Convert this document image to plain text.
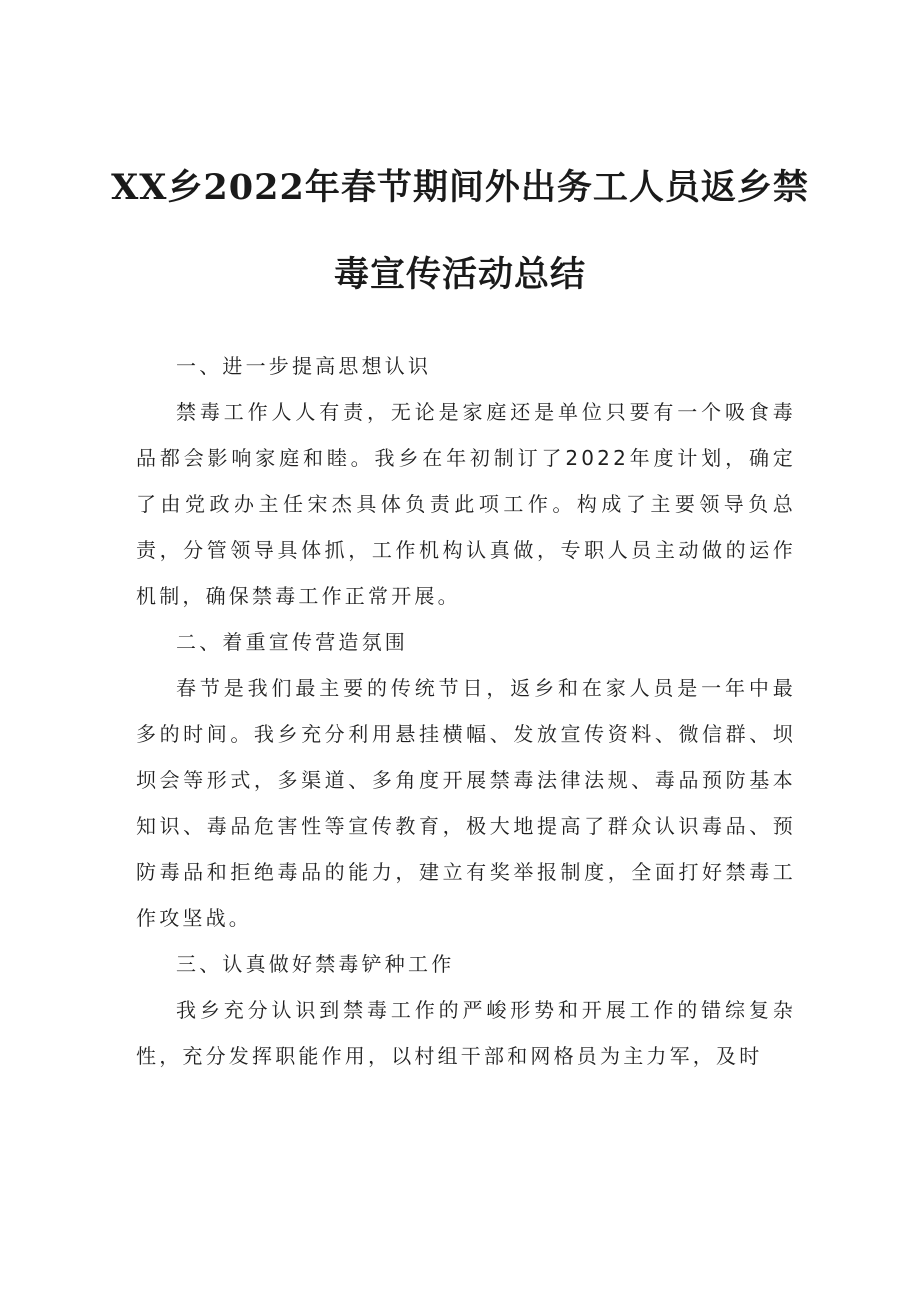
XX乡2022年春节期间外出务工人员返乡禁
毒宣传活动总结

一、进一步提高思想认识

禁毒工作人人有责，无论是家庭还是单位只要有一个吸食毒品都会影响家庭和睦。我乡在年初制订了2022年度计划，确定了由党政办主任宋杰具体负责此项工作。构成了主要领导负总责，分管领导具体抓，工作机构认真做，专职人员主动做的运作机制，确保禁毒工作正常开展。

二、着重宣传营造氛围

春节是我们最主要的传统节日，返乡和在家人员是一年中最多的时间。我乡充分利用悬挂横幅、发放宣传资料、微信群、坝坝会等形式，多渠道、多角度开展禁毒法律法规、毒品预防基本知识、毒品危害性等宣传教育，极大地提高了群众认识毒品、预防毒品和拒绝毒品的能力，建立有奖举报制度，全面打好禁毒工作攻坚战。

三、认真做好禁毒铲种工作

我乡充分认识到禁毒工作的严峻形势和开展工作的错综复杂性，充分发挥职能作用，以村组干部和网格员为主力军，及时
